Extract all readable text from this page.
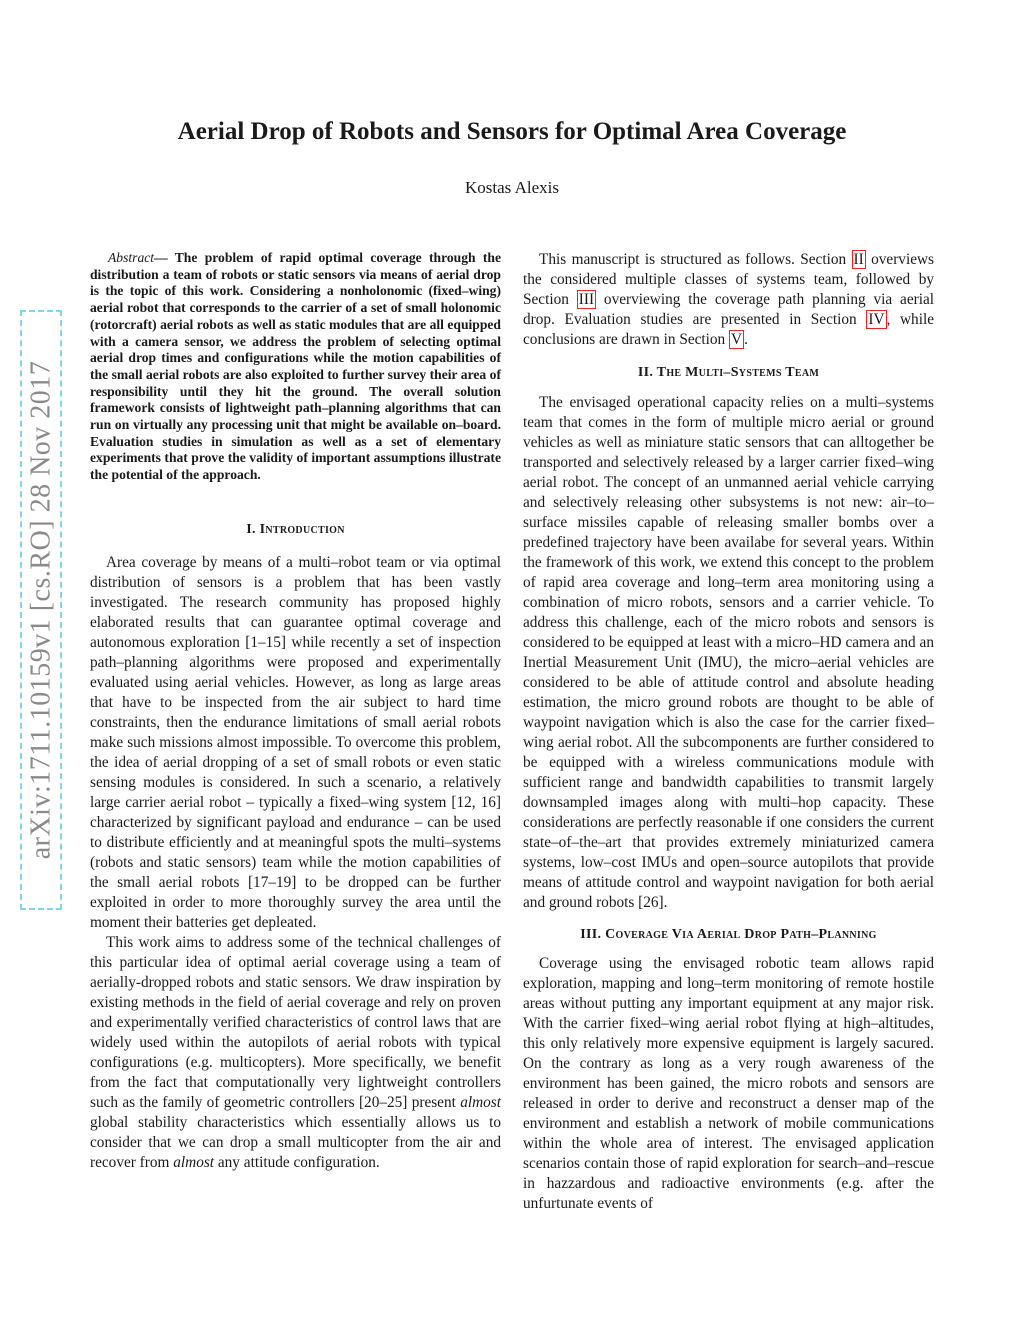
arXiv:1711.10159v1 [cs.RO] 28 Nov 2017
Aerial Drop of Robots and Sensors for Optimal Area Coverage
Kostas Alexis

Abstract— The problem of rapid optimal coverage through the distribution a team of robots or static sensors via means of aerial drop is the topic of this work. Considering a nonholonomic (fixed–wing) aerial robot that corresponds to the carrier of a set of small holonomic (rotorcraft) aerial robots as well as static modules that are all equipped with a camera sensor, we address the problem of selecting optimal aerial drop times and configurations while the motion capabilities of the small aerial robots are also exploited to further survey their area of responsibility until they hit the ground. The overall solution framework consists of lightweight path–planning algorithms that can run on virtually any processing unit that might be available on–board. Evaluation studies in simulation as well as a set of elementary experiments that prove the validity of important assumptions illustrate the potential of the approach.

I. Introduction

Area coverage by means of a multi–robot team or via optimal distribution of sensors is a problem that has been vastly investigated. The research community has proposed highly elaborated results that can guarantee optimal coverage and autonomous exploration [1–15] while recently a set of inspection path–planning algorithms were proposed and experimentally evaluated using aerial vehicles. However, as long as large areas that have to be inspected from the air subject to hard time constraints, then the endurance limitations of small aerial robots make such missions almost impossible. To overcome this problem, the idea of aerial dropping of a set of small robots or even static sensing modules is considered. In such a scenario, a relatively large carrier aerial robot – typically a fixed–wing system [12, 16] characterized by significant payload and endurance – can be used to distribute efficiently and at meaningful spots the multi–systems (robots and static sensors) team while the motion capabilities of the small aerial robots [17–19] to be dropped can be further exploited in order to more thoroughly survey the area until the moment their batteries get depleated.

This work aims to address some of the technical challenges of this particular idea of optimal aerial coverage using a team of aerially-dropped robots and static sensors. We draw inspiration by existing methods in the field of aerial coverage and rely on proven and experimentally verified characteristics of control laws that are widely used within the autopilots of aerial robots with typical configurations (e.g. multicopters). More specifically, we benefit from the fact that computationally very lightweight controllers such as the family of geometric controllers [20–25] present almost global stability characteristics which essentially allows us to consider that we can drop a small multicopter from the air and recover from almost any attitude configuration.

This manuscript is structured as follows. Section II overviews the considered multiple classes of systems team, followed by Section III overviewing the coverage path planning via aerial drop. Evaluation studies are presented in Section IV , while conclusions are drawn in Section V .

II. The Multi–Systems Team

The envisaged operational capacity relies on a multi–systems team that comes in the form of multiple micro aerial or ground vehicles as well as miniature static sensors that can alltogether be transported and selectively released by a larger carrier fixed–wing aerial robot. The concept of an unmanned aerial vehicle carrying and selectively releasing other subsystems is not new: air–to–surface missiles capable of releasing smaller bombs over a predefined trajectory have been availabe for several years. Within the framework of this work, we extend this concept to the problem of rapid area coverage and long–term area monitoring using a combination of micro robots, sensors and a carrier vehicle. To address this challenge, each of the micro robots and sensors is considered to be equipped at least with a micro–HD camera and an Inertial Measurement Unit (IMU), the micro–aerial vehicles are considered to be able of attitude control and absolute heading estimation, the micro ground robots are thought to be able of waypoint navigation which is also the case for the carrier fixed–wing aerial robot. All the subcomponents are further considered to be equipped with a wireless communications module with sufficient range and bandwidth capabilities to transmit largely downsampled images along with multi–hop capacity. These considerations are perfectly reasonable if one considers the current state–of–the–art that provides extremely miniaturized camera systems, low–cost IMUs and open–source autopilots that provide means of attitude control and waypoint navigation for both aerial and ground robots [26].

III. Coverage Via Aerial Drop Path–Planning

Coverage using the envisaged robotic team allows rapid exploration, mapping and long–term monitoring of remote hostile areas without putting any important equipment at any major risk. With the carrier fixed–wing aerial robot flying at high–altitudes, this only relatively more expensive equipment is largely sacured. On the contrary as long as a very rough awareness of the environment has been gained, the micro robots and sensors are released in order to derive and reconstruct a denser map of the environment and establish a network of mobile communications within the whole area of interest. The envisaged application scenarios contain those of rapid exploration for search–and–rescue in hazzardous and radioactive environments (e.g. after the unfurtunate events of
